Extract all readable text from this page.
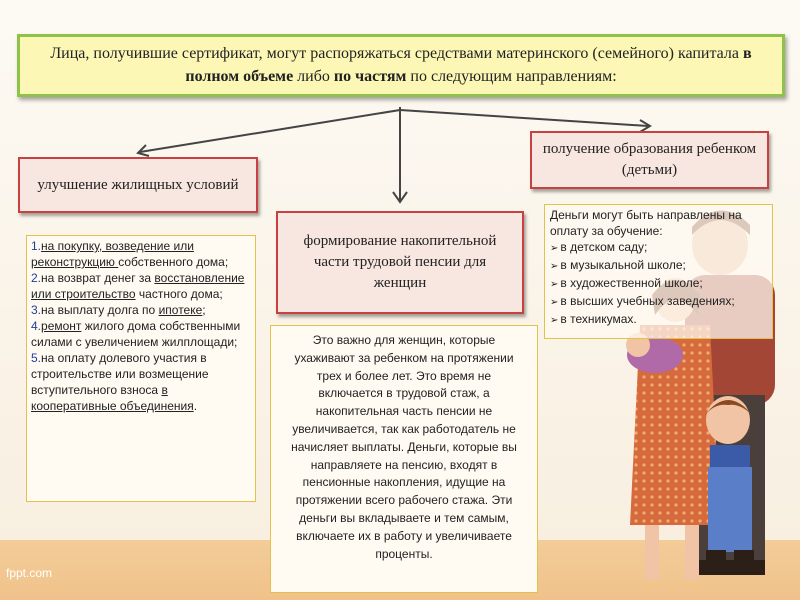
fppt.com
Лица, получившие сертификат, могут распоряжаться средствами материнского (семейного) капитала в полном объеме либо по частям по следующим направлениям:
улучшение жилищных условий
формирование накопительной части трудовой пенсии для женщин
получение образования ребенком (детьми)

1.на покупку, возведение или реконструкцию собственного дома;

2.на возврат денег за восстановление или строительство частного дома;

3.на выплату долга по ипотеке;

4.ремонт жилого дома собственными силами с увеличением жилплощади;

5.на оплату долевого участия в строительстве или возмещение вступительного взноса в кооперативные объединения.

Это важно для женщин, которые ухаживают за ребенком на протяжении трех и более лет. Это время не включается в трудовой стаж, а накопительная часть пенсии не увеличивается, так как работодатель не начисляет выплаты. Деньги, которые вы направляете на пенсию, входят в пенсионные накопления, идущие на протяжении всего рабочего стажа. Эти деньги вы вкладываете и тем самым, включаете их в работу и увеличиваете проценты.
Деньги могут быть направлены на оплату за обучение:
➢ в детском саду;
➢ в музыкальной школе;
➢ в художественной школе;
➢ в высших учебных заведениях;
➢ в техникумах.
